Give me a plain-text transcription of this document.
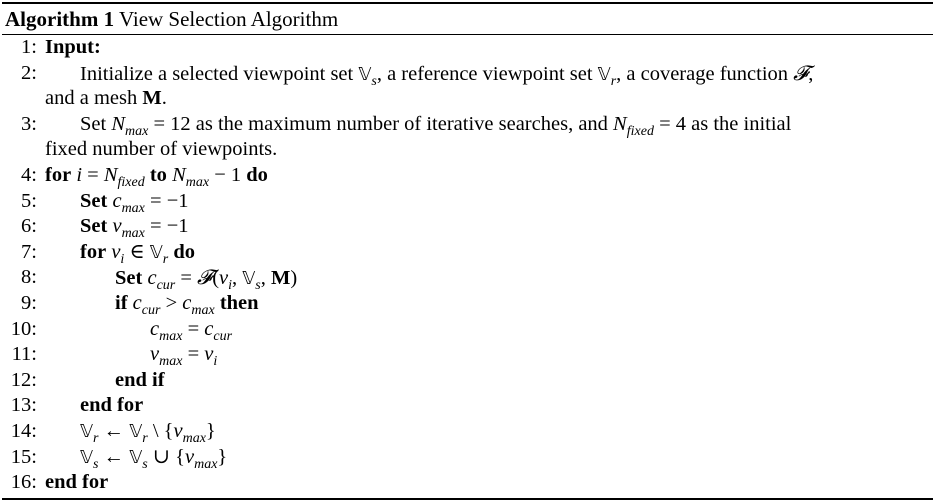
Algorithm 1 View Selection Algorithm
1: Input:
2: Initialize a selected viewpoint set 𝕍$_s$, a reference viewpoint set 𝕍$_r$, a coverage function 𝓕,
and a mesh M.
3: Set $N_{max} = 12$ as the maximum number of iterative searches, and $N_{fixed} = 4$ as the initial
fixed number of viewpoints.
4: for $i = N_{fixed}$ to $N_{max} - 1$ do
5: Set $c_{max} = -1$
6: Set $v_{max} = -1$
7: for $v_i$ ∈ 𝕍$_r$ do
8:	Set $c_{cur}$ = $𝓕(v_i$, 𝕍$_s$, M)
9:	if $c_{cur} > c_{max}$ then
10:	$c_{max} = c_{cur}$
11:	$v_{max} = v_i$
12:	end if
13: end for
14: 𝕍$_r$ ← 𝕍$_r$ \ $\{v_{max}\}$
15: 𝕍$_s$ ← 𝕍$_s$ ∪ $\{v_{max}\}$
16: end for
